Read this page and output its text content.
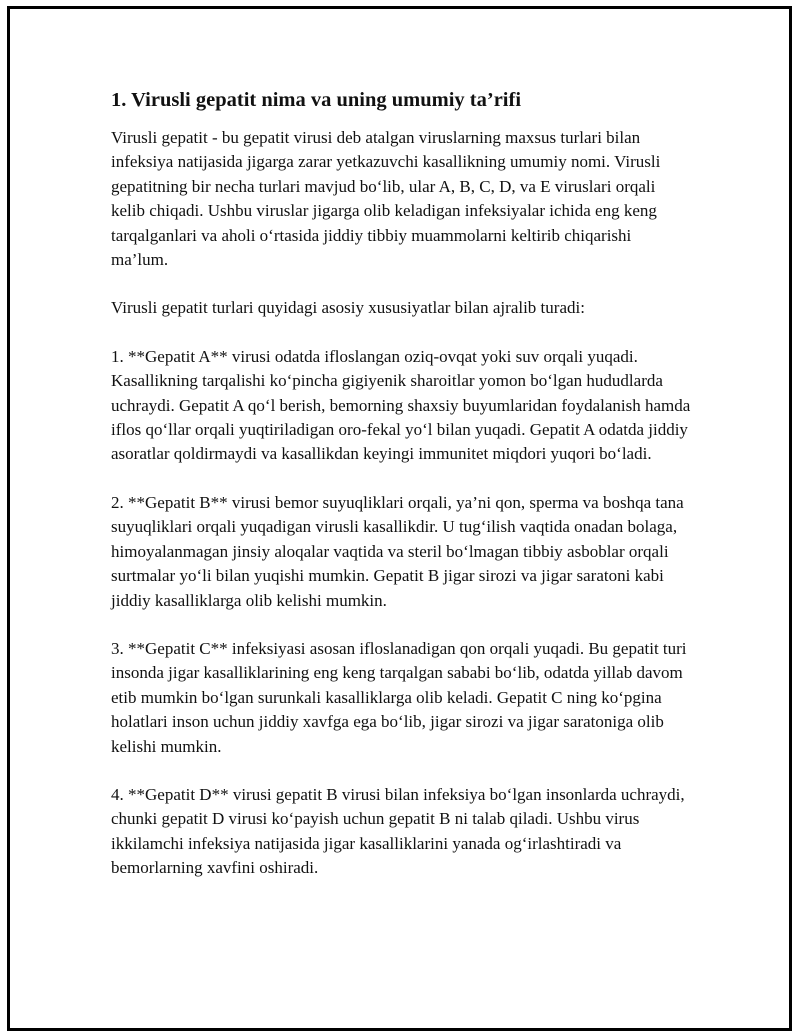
1. Virusli gepatit nima va uning umumiy ta’rifi

Virusli gepatit - bu gepatit virusi deb atalgan viruslarning maxsus turlari bilan infeksiya natijasida jigarga zarar yetkazuvchi kasallikning umumiy nomi. Virusli gepatitning bir necha turlari mavjud bo‘lib, ular A, B, C, D, va E viruslari orqali kelib chiqadi. Ushbu viruslar jigarga olib keladigan infeksiyalar ichida eng keng tarqalganlari va aholi o‘rtasida jiddiy tibbiy muammolarni keltirib chiqarishi ma’lum.

Virusli gepatit turlari quyidagi asosiy xususiyatlar bilan ajralib turadi:

1. **Gepatit A** virusi odatda ifloslangan oziq-ovqat yoki suv orqali yuqadi. Kasallikning tarqalishi ko‘pincha gigiyenik sharoitlar yomon bo‘lgan hududlarda uchraydi. Gepatit A qo‘l berish, bemorning shaxsiy buyumlaridan foydalanish hamda iflos qo‘llar orqali yuqtiriladigan oro-fekal yo‘l bilan yuqadi. Gepatit A odatda jiddiy asoratlar qoldirmaydi va kasallikdan keyingi immunitet miqdori yuqori bo‘ladi.

2. **Gepatit B** virusi bemor suyuqliklari orqali, ya’ni qon, sperma va boshqa tana suyuqliklari orqali yuqadigan virusli kasallikdir. U tug‘ilish vaqtida onadan bolaga, himoyalanmagan jinsiy aloqalar vaqtida va steril bo‘lmagan tibbiy asboblar orqali surtmalar yo‘li bilan yuqishi mumkin. Gepatit B jigar sirozi va jigar saratoni kabi jiddiy kasalliklarga olib kelishi mumkin.

3. **Gepatit C** infeksiyasi asosan ifloslanadigan qon orqali yuqadi. Bu gepatit turi insonda jigar kasalliklarining eng keng tarqalgan sababi bo‘lib, odatda yillab davom etib mumkin bo‘lgan surunkali kasalliklarga olib keladi. Gepatit C ning ko‘pgina holatlari inson uchun jiddiy xavfga ega bo‘lib, jigar sirozi va jigar saratoniga olib kelishi mumkin.

4. **Gepatit D** virusi gepatit B virusi bilan infeksiya bo‘lgan insonlarda uchraydi, chunki gepatit D virusi ko‘payish uchun gepatit B ni talab qiladi. Ushbu virus ikkilamchi infeksiya natijasida jigar kasalliklarini yanada og‘irlashtiradi va bemorlarning xavfini oshiradi.
